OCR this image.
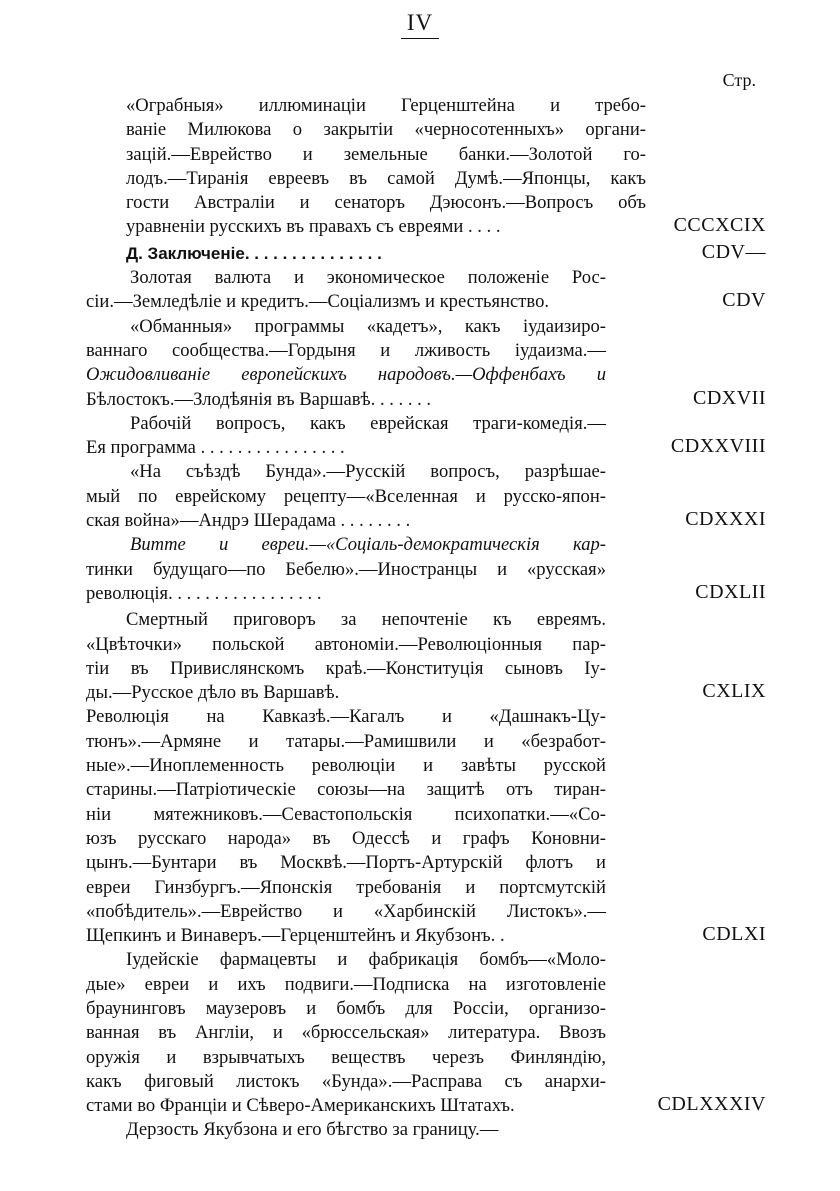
IV
Стр.
«Ограбныя» иллюминаціи Герценштейна и требо-
ваніе Милюкова о закрытіи «черносотенныхъ» органи-
зацій.—Еврейство и земельные банки.—Золотой го-
лодъ.—Тиранія евреевъ въ самой Думѣ.—Японцы, какъ
гости Австраліи и сенаторъ Дэюсонъ.—Вопросъ объ
уравненіи русскихъ въ правахъ съ евреями . . . .	CCCXCIX
Д. Заключеніе. . . . . . . . . . . . . . .	CDV—
Золотая валюта и экономическое положеніе Рос-
сіи.—Земледѣліе и кредитъ.—Соціализмъ и крестьянство.	CDV
«Обманныя» программы «кадетъ», какъ іудаизиро-
ваннаго сообщества.—Гордыня и лживость іудаизма.—
Ожидовливаніе европейскихъ народовъ.—Оффенбахъ и
Бѣлостокъ.—Злодѣянія въ Варшавѣ. . . . . . .	CDXVII
Рабочій вопросъ, какъ еврейская траги-комедія.—
Ея программа . . . . . . . . . . . . . . . .	CDXXVIII
«На съѣздѣ Бунда».—Русскій вопросъ, разрѣшае-
мый по еврейскому рецепту—«Вселенная и русско-япон-
ская война»—Андрэ Шерадама . . . . . . . .	CDXXXI
Витте и евреи.—«Соціаль-демократическія кар-
тинки будущаго—по Бебелю».—Иностранцы и «русская»
революція. . . . . . . . . . . . . . . . .	CDXLII
Смертный приговоръ за непочтеніе къ евреямъ.
«Цвѣточки» польской автономіи.—Революціонныя пар-
тіи въ Привислянскомъ краѣ.—Конституція сыновъ Іу-
ды.—Русское дѣло въ Варшавѣ.	CXLIX
Революція на Кавказѣ.—Кагалъ и «Дашнакъ-Цу-
тюнъ».—Армяне и татары.—Рамишвили и «безработ-
ные».—Иноплеменность революціи и завѣты русской
старины.—Патріотическіе союзы—на защитѣ отъ тиран-
ніи мятежниковъ.—Севастопольскія психопатки.—«Со-
юзъ русскаго народа» въ Одессѣ и графъ Коновни-
цынъ.—Бунтари въ Москвѣ.—Портъ-Артурскій флотъ и
евреи Гинзбургъ.—Японскія требованія и портсмутскій
«побѣдитель».—Еврейство и «Харбинскій Листокъ».—
Щепкинъ и Винаверъ.—Герценштейнъ и Якубзонъ. .	CDLXI
Іудейскіе фармацевты и фабрикація бомбъ—«Моло-
дые» евреи и ихъ подвиги.—Подписка на изготовленіе
браунинговъ маузеровъ и бомбъ для Россіи, организо-
ванная въ Англіи, и «брюссельская» литература. Ввозъ
оружія и взрывчатыхъ веществъ черезъ Финляндію,
какъ фиговый листокъ «Бунда».—Расправа съ анархи-
стами во Франціи и Сѣверо-Американскихъ Штатахъ.	CDLXXXIV
Дерзость Якубзона и его бѣгство за границу.—
